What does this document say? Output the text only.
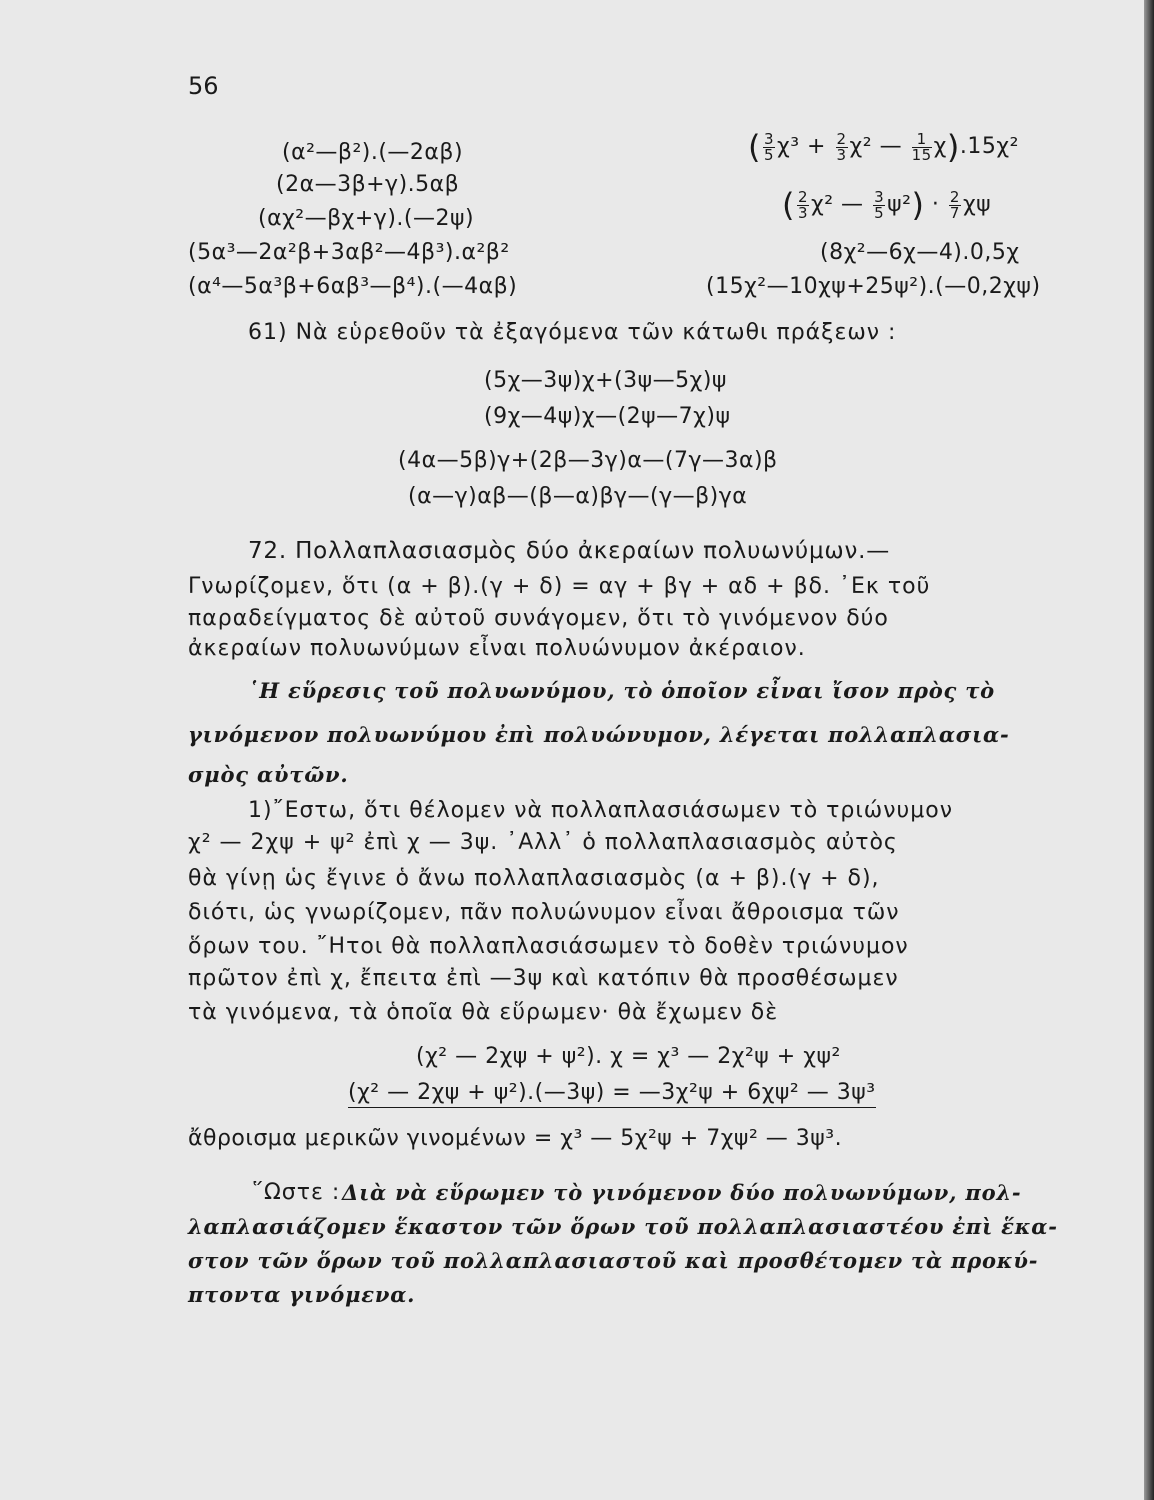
56
(α²—β²).(—2αβ)
(2α—3β+γ).5αβ
(αχ²—βχ+γ).(—2ψ)
(5α³—2α²β+3αβ²—4β³).α²β²
(α⁴—5α³β+6αβ³—β⁴).(—4αβ)
( $\frac{3}{5} \chi^3 + \frac{2}{3} \chi^2$ — $\frac{1}{15} \chi).15\chi^2$
( $\frac{2}{3} \chi^2$ — $\frac{3}{5} \psi^2) \cdot \frac{2}{7}$ χψ
(8χ²—6χ—4).0,5χ
(15χ²—10χψ+25ψ²).(—0,2χψ)
61) Νὰ εὑρεθοῦν τὰ ἐξαγόμενα τῶν κάτωθι πράξεων :
(5χ—3ψ)χ+(3ψ—5χ)ψ
(9χ—4ψ)χ—(2ψ—7χ)ψ
(4α—5β)γ+(2β—3γ)α—(7γ—3α)β
(α—γ)αβ—(β—α)βγ—(γ—β)γα
72. Πολλαπλασιασμὸς δύο ἀκεραίων πολυωνύμων.—
Γνωρίζομεν, ὅτι (α + β).(γ + δ) = αγ + βγ + αδ + βδ. ᾿Εκ τοῦ
παραδείγματος δὲ αὐτοῦ συνάγομεν, ὅτι τὸ γινόμενον δύο
ἀκεραίων πολυωνύμων εἶναι πολυώνυμον ἀκέραιον.
῾Η εὕρεσις τοῦ πολυωνύμου, τὸ ὁποῖον εἶναι ἴσον πρὸς τὸ
γινόμενον πολυωνύμου ἐπὶ πολυώνυμον, λέγεται πολλαπλασια-
σμὸς αὐτῶν.
1)῎Εστω, ὅτι θέλομεν νὰ πολλαπλασιάσωμεν τὸ τριώνυμον
χ² — 2χψ + ψ² ἐπὶ χ — 3ψ. ᾿Αλλ᾿ ὁ πολλαπλασιασμὸς αὐτὸς
θὰ γίνῃ ὡς ἔγινε ὁ ἄνω πολλαπλασιασμὸς (α + β).(γ + δ),
διότι, ὡς γνωρίζομεν, πᾶν πολυώνυμον εἶναι ἄθροισμα τῶν
ὅρων του. ῎Ητοι θὰ πολλαπλασιάσωμεν τὸ δοθὲν τριώνυμον
πρῶτον ἐπὶ χ, ἔπειτα ἐπὶ —3ψ καὶ κατόπιν θὰ προσθέσωμεν
τὰ γινόμενα, τὰ ὁποῖα θὰ εὕρωμεν· θὰ ἔχωμεν δὲ
(χ² — 2χψ + ψ²). χ = χ³ — 2χ²ψ + χψ²
(χ² — 2χψ + ψ²).(—3ψ) = —3χ²ψ + 6χψ² — 3ψ³
ἄθροισμα μερικῶν γινομένων = χ³ — 5χ²ψ + 7χψ² — 3ψ³.
῞Ωστε : Διὰ νὰ εὕρωμεν τὸ γινόμενον δύο πολυωνύμων, πολ-
λαπλασιάζομεν ἕκαστον τῶν ὅρων τοῦ πολλαπλασιαστέου ἐπὶ ἕκα-
στον τῶν ὅρων τοῦ πολλαπλασιαστοῦ καὶ προσθέτομεν τὰ προκύ-
πτοντα γινόμενα.
